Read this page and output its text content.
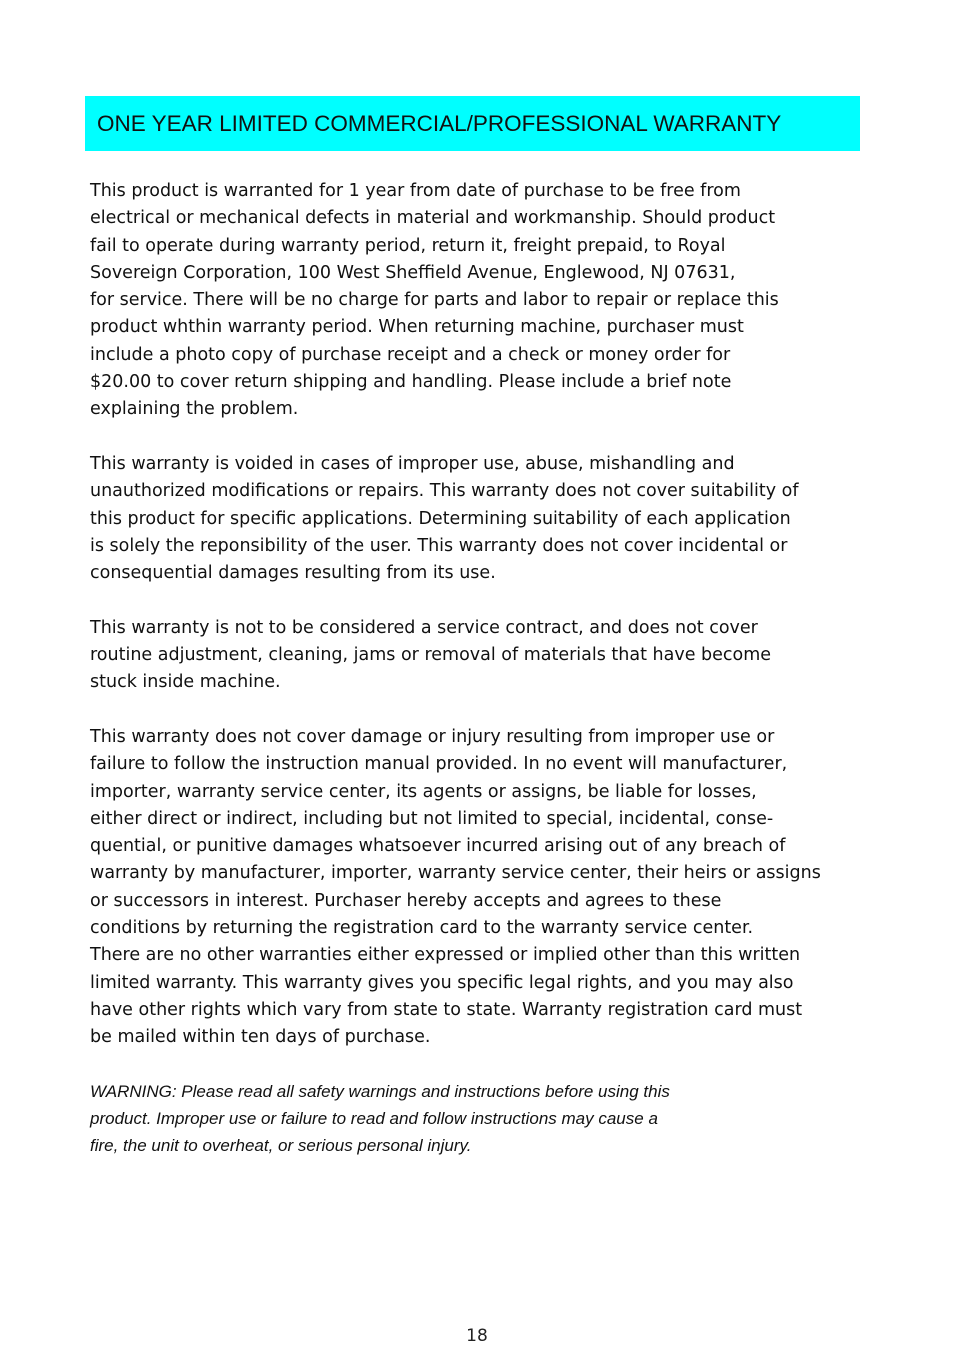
ONE YEAR LIMITED COMMERCIAL/PROFESSIONAL WARRANTY

This product is warranted for 1 year from date of purchase to be free from
electrical or mechanical defects in material and workmanship. Should product
fail to operate during warranty period, return it, freight prepaid, to Royal
Sovereign Corporation, 100 West Sheffield Avenue, Englewood, NJ 07631,
for service. There will be no charge for parts and labor to repair or replace this
product whthin warranty period. When returning machine, purchaser must
include a photo copy of purchase receipt and a check or money order for
$20.00 to cover return shipping and handling. Please include a brief note
explaining the problem.

This warranty is voided in cases of improper use, abuse, mishandling and
unauthorized modifications or repairs. This warranty does not cover suitability of
this product for specific applications. Determining suitability of each application
is solely the reponsibility of the user. This warranty does not cover incidental or
consequential damages resulting from its use.

This warranty is not to be considered a service contract, and does not cover
routine adjustment, cleaning, jams or removal of materials that have become
stuck inside machine.

This warranty does not cover damage or injury resulting from improper use or
failure to follow the instruction manual provided. In no event will manufacturer,
importer, warranty service center, its agents or assigns, be liable for losses,
either direct or indirect, including but not limited to special, incidental, conse-
quential, or punitive damages whatsoever incurred arising out of any breach of
warranty by manufacturer, importer, warranty service center, their heirs or assigns
or successors in interest. Purchaser hereby accepts and agrees to these
conditions by returning the registration card to the warranty service center.
There are no other warranties either expressed or implied other than this written
limited warranty. This warranty gives you specific legal rights, and you may also
have other rights which vary from state to state. Warranty registration card must
be mailed within ten days of purchase.

WARNING: Please read all safety warnings and instructions before using this
product. Improper use or failure to read and follow instructions may cause a
fire, the unit to overheat, or serious personal injury.
18
